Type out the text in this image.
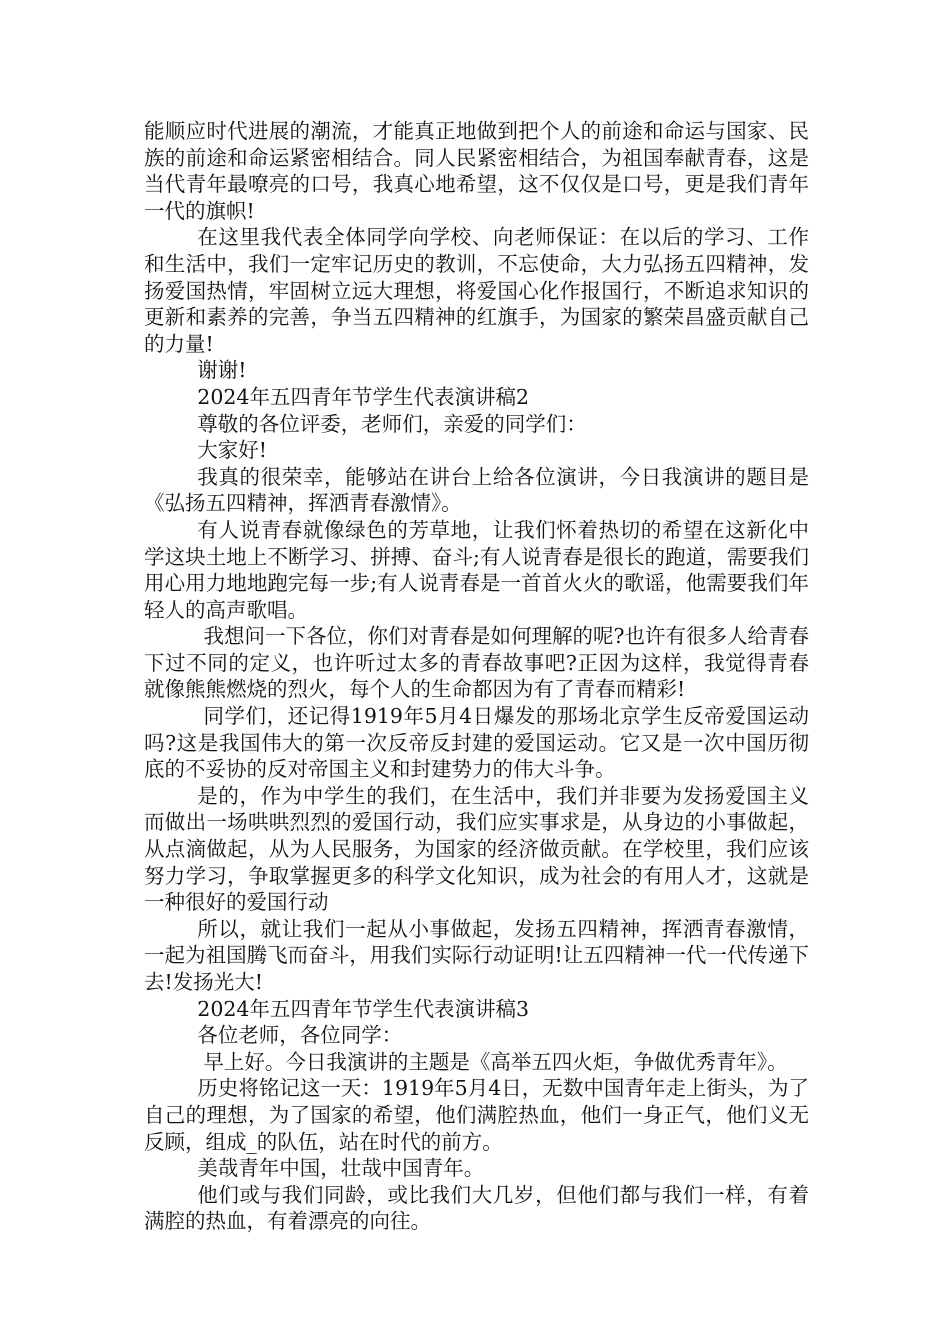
能顺应时代进展的潮流，才能真正地做到把个人的前途和命运与国家、民族的前途和命运紧密相结合。同人民紧密相结合，为祖国奉献青春，这是当代青年最嘹亮的口号，我真心地希望，这不仅仅是口号，更是我们青年一代的旗帜!

在这里我代表全体同学向学校、向老师保证：在以后的学习、工作和生活中，我们一定牢记历史的教训，不忘使命，大力弘扬五四精神，发扬爱国热情，牢固树立远大理想，将爱国心化作报国行，不断追求知识的更新和素养的完善，争当五四精神的红旗手，为国家的繁荣昌盛贡献自己的力量!

谢谢!

2024年五四青年节学生代表演讲稿2

尊敬的各位评委，老师们，亲爱的同学们：

大家好!

我真的很荣幸，能够站在讲台上给各位演讲，今日我演讲的题目是《弘扬五四精神，挥洒青春激情》。

有人说青春就像绿色的芳草地，让我们怀着热切的希望在这新化中学这块土地上不断学习、拼搏、奋斗;有人说青春是很长的跑道，需要我们用心用力地地跑完每一步;有人说青春是一首首火火的歌谣，他需要我们年轻人的高声歌唱。

我想问一下各位，你们对青春是如何理解的呢?也许有很多人给青春下过不同的定义，也许听过太多的青春故事吧?正因为这样，我觉得青春就像熊熊燃烧的烈火，每个人的生命都因为有了青春而精彩!

同学们，还记得1919年5月4日爆发的那场北京学生反帝爱国运动吗?这是我国伟大的第一次反帝反封建的爱国运动。它又是一次中国历彻底的不妥协的反对帝国主义和封建势力的伟大斗争。

是的，作为中学生的我们，在生活中，我们并非要为发扬爱国主义而做出一场哄哄烈烈的爱国行动，我们应实事求是，从身边的小事做起，从点滴做起，从为人民服务，为国家的经济做贡献。在学校里，我们应该努力学习，争取掌握更多的科学文化知识，成为社会的有用人才，这就是一种很好的爱国行动

所以，就让我们一起从小事做起，发扬五四精神，挥洒青春激情，一起为祖国腾飞而奋斗，用我们实际行动证明!让五四精神一代一代传递下去!发扬光大!

2024年五四青年节学生代表演讲稿3

各位老师，各位同学：

早上好。今日我演讲的主题是《高举五四火炬，争做优秀青年》。

历史将铭记这一天：1919年5月4日，无数中国青年走上街头，为了自己的理想，为了国家的希望，他们满腔热血，他们一身正气，他们义无反顾，组成_的队伍，站在时代的前方。

美哉青年中国，壮哉中国青年。

他们或与我们同龄，或比我们大几岁，但他们都与我们一样，有着满腔的热血，有着漂亮的向往。
